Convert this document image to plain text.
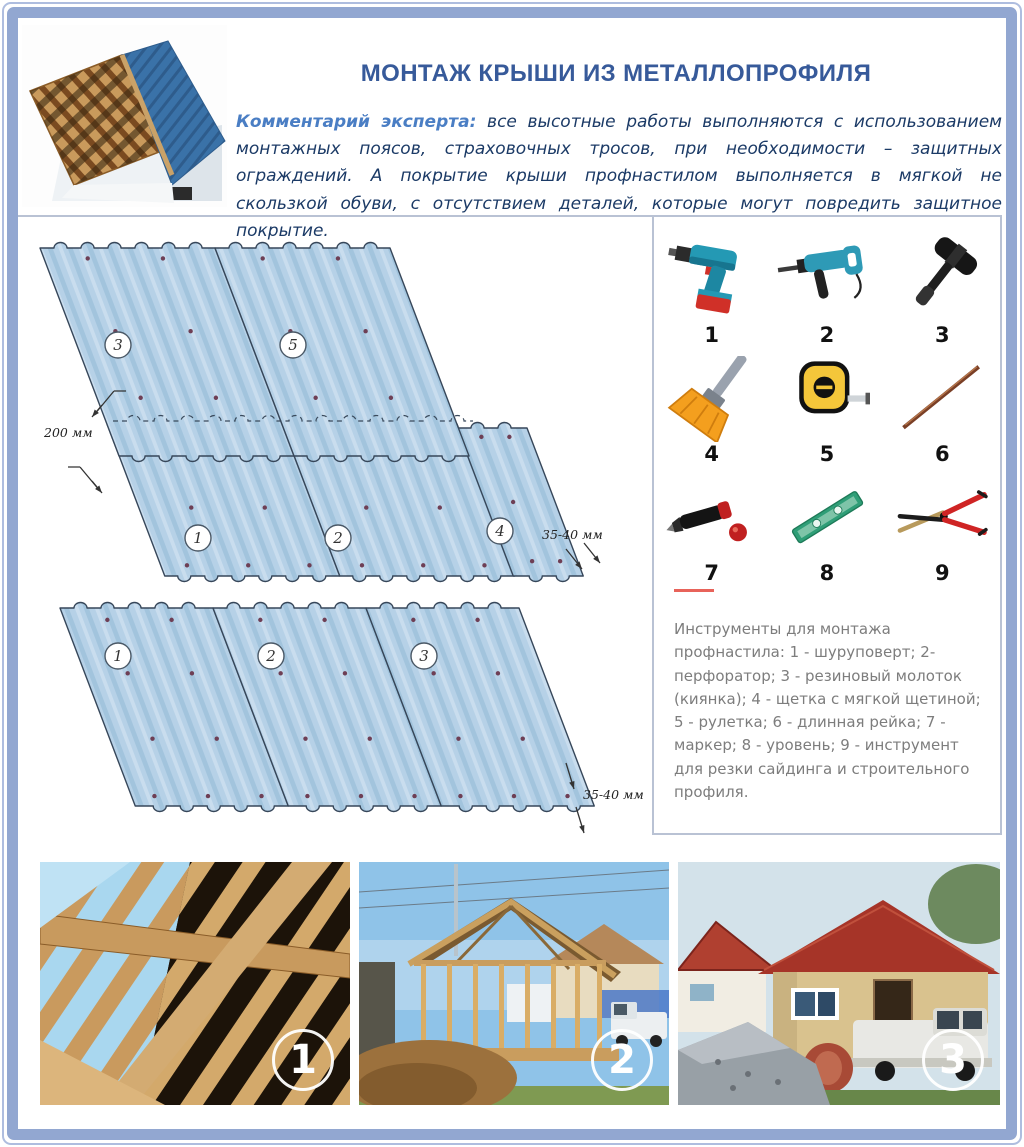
МОНТАЖ КРЫШИ ИЗ МЕТАЛЛОПРОФИЛЯ

Комментарий эксперта: все высотные работы выполняются с использованием монтажных поясов, страховочных тросов, при необходимости – защитных ограждений. А покрытие крыши профнастилом выполняется в мягкой не скользкой обуви, с отсутствием деталей, которые могут повредить защитное покрытие.

3	5
1	2	4
200 мм
35-40 мм
1	2	3
35-40 мм
1	2	3
4	5	6
7	8	9

Инструменты для монтажа профнастила: 1 - шуруповерт; 2- перфоратор; 3 - резиновый молоток (киянка); 4 - щетка с мягкой щетиной; 5 - рулетка; 6 - длинная рейка; 7 - маркер; 8 - уровень; 9 - инструмент для резки сайдинга и строительного профиля.

1	2	3
